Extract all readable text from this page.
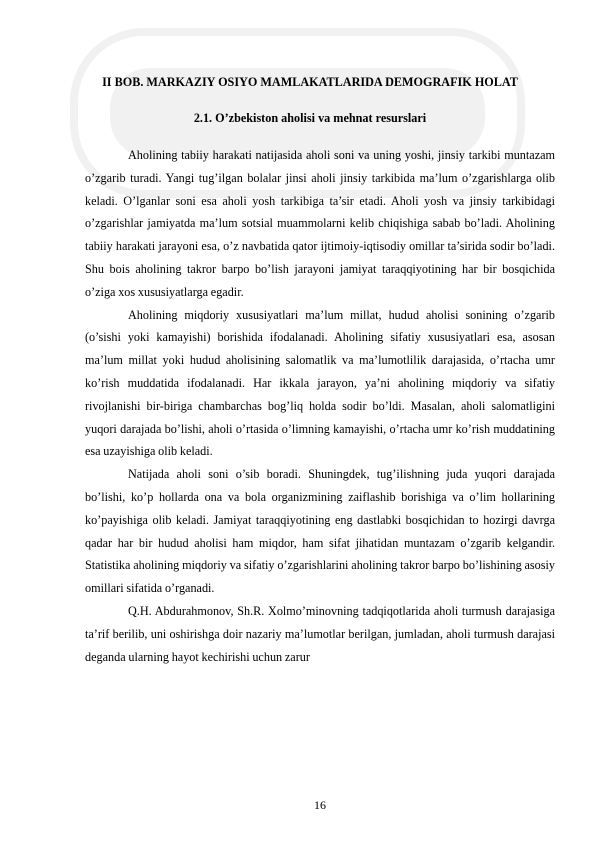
II BOB. MARKAZIY OSIYO MAMLAKATLARIDA DEMOGRAFIK HOLAT
2.1. O’zbekiston aholisi va mehnat resurslari

Aholining tabiiy harakati natijasida aholi soni va uning yoshi, jinsiy tarkibi muntazam o’zgarib turadi. Yangi tug’ilgan bolalar jinsi aholi jinsiy tarkibida ma’lum o’zgarishlarga olib keladi. O’lganlar soni esa aholi yosh tarkibiga ta’sir etadi. Aholi yosh va jinsiy tarkibidagi o’zgarishlar jamiyatda ma’lum sotsial muammolarni kelib chiqishiga sabab bo’ladi. Aholining tabiiy harakati jarayoni esa, o’z navbatida qator ijtimoiy-iqtisodiy omillar ta’sirida sodir bo’ladi. Shu bois aholining takror barpo bo’lish jarayoni jamiyat taraqqiyotining har bir bosqichida o’ziga xos xususiyatlarga egadir.

Aholining miqdoriy xususiyatlari ma’lum millat, hudud aholisi sonining o’zgarib (o’sishi yoki kamayishi) borishida ifodalanadi. Aholining sifatiy xususiyatlari esa, asosan ma’lum millat yoki hudud aholisining salomatlik va ma’lumotlilik darajasida, o’rtacha umr ko’rish muddatida ifodalanadi. Har ikkala jarayon, ya’ni aholining miqdoriy va sifatiy rivojlanishi bir-biriga chambarchas bog’liq holda sodir bo’ldi. Masalan, aholi salomatligini yuqori darajada bo’lishi, aholi o’rtasida o’limning kamayishi, o’rtacha umr ko’rish muddatining esa uzayishiga olib keladi.

Natijada aholi soni o’sib boradi. Shuningdek, tug’ilishning juda yuqori darajada bo’lishi, ko’p hollarda ona va bola organizmining zaiflashib borishiga va o’lim hollarining ko’payishiga olib keladi. Jamiyat taraqqiyotining eng dastlabki bosqichidan to hozirgi davrga qadar har bir hudud aholisi ham miqdor, ham sifat jihatidan muntazam o’zgarib kelgandir. Statistika aholining miqdoriy va sifatiy o’zgarishlarini aholining takror barpo bo’lishining asosiy omillari sifatida o’rganadi.

Q.H. Abdurahmonov, Sh.R. Xolmo’minovning tadqiqotlarida aholi turmush darajasiga ta’rif berilib, uni oshirishga doir nazariy ma’lumotlar berilgan, jumladan, aholi turmush darajasi deganda ularning hayot kechirishi uchun zarur

16
